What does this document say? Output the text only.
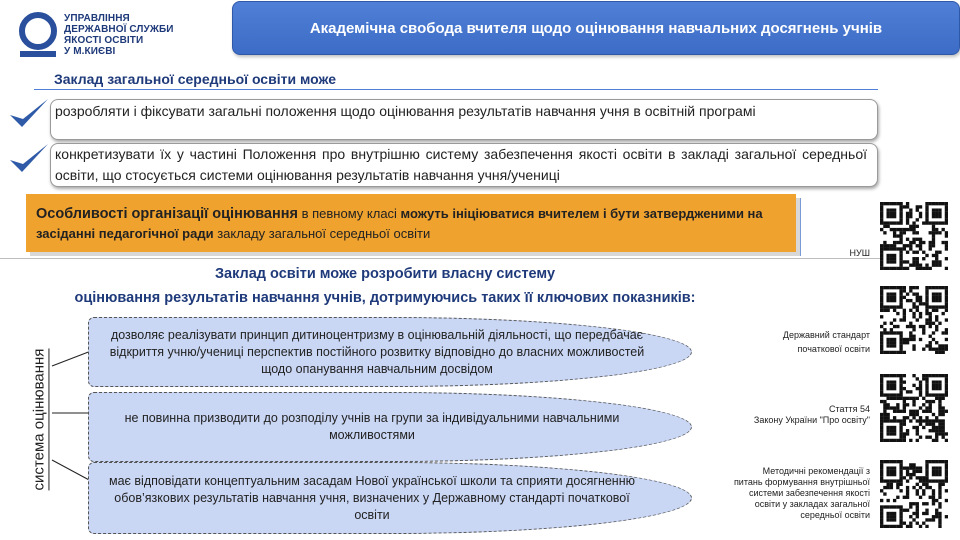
УПРАВЛІННЯ
ДЕРЖАВНОЇ СЛУЖБИ
ЯКОСТІ ОСВІТИ
У М.КИЄВІ
Академічна свобода вчителя щодо оцінювання навчальних досягнень учнів
Заклад загальної середньої освіти може
розробляти і фіксувати загальні положення щодо оцінювання результатів навчання учня в освітній програмі
конкретизувати їх у частині Положення про внутрішню систему забезпечення якості освіти в закладі загальної середньої освіти, що стосується системи оцінювання результатів навчання учня/учениці
Особливості організації оцінювання в певному класі можуть ініціюватися вчителем і бути затвердженими на засіданні педагогічної ради закладу загальної середньої освіти
Заклад освіти може розробити власну систему
оцінювання результатів навчання учнів, дотримуючись таких її ключових показників:
система оцінювання
дозволяє реалізувати принцип дитиноцентризму в оцінювальній діяльності, що передбачає відкриття учню/учениці перспектив постійного розвитку відповідно до власних можливостей щодо опанування навчальним досвідом
не повинна призводити до розподілу учнів на групи за індивідуальними навчальними можливостями
має відповідати концептуальним засадам Нової української школи та сприяти досягненню обов’язкових результатів навчання учня, визначених у Державному стандарті початкової освіти
НУШ
Державний стандарт
початкової освіти
Стаття 54
Закону України "Про освіту"
Методичні рекомендації з
питань формування внутрішньої
системи забезпечення якості
освіти у закладах загальної
середньої освіти
